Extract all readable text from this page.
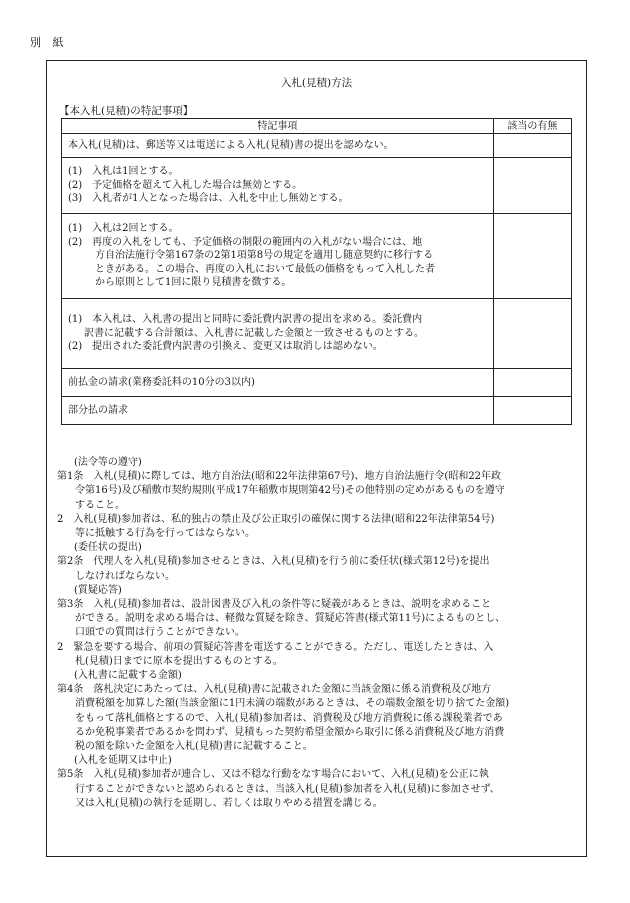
別 紙
入札(見積)方法
【本入札(見積)の特記事項】
特記事項	該当の有無

本入札(見積)は、郵送等又は電送による入札(見積)書の提出を認めない。	

(1)　入札は1回とする。
(2)　予定価格を超えて入札した場合は無効とする。
(3)　入札者が1人となった場合は、入札を中止し無効とする。	

(1)　入札は2回とする。
(2)　再度の入札をしても、予定価格の制限の範囲内の入札がない場合には、地
方自治法施行令第167条の2第1項第8号の規定を適用し随意契約に移行する
ときがある。この場合、再度の入札において最低の価格をもって入札した者
から原則として1回に限り見積書を徴する。	

(1)　本入札は、入札書の提出と同時に委託費内訳書の提出を求める。委託費内
訳書に記載する合計額は、入札書に記載した金額と一致させるものとする。
(2)　提出された委託費内訳書の引換え、変更又は取消しは認めない。	

前払金の請求(業務委託料の10分の3以内)	

部分払の請求	

(法令等の遵守)
第1条　入札(見積)に際しては、地方自治法(昭和22年法律第67号)、地方自治法施行令(昭和22年政
令第16号)及び稲敷市契約規則(平成17年稲敷市規則第42号)その他特別の定めがあるものを遵守
すること。
2　入札(見積)参加者は、私的独占の禁止及び公正取引の確保に関する法律(昭和22年法律第54号)
等に抵触する行為を行ってはならない。
(委任状の提出)
第2条　代理人を入札(見積)参加させるときは、入札(見積)を行う前に委任状(様式第12号)を提出
しなければならない。
(質疑応答)
第3条　入札(見積)参加者は、設計図書及び入札の条件等に疑義があるときは、説明を求めること
ができる。説明を求める場合は、軽微な質疑を除き、質疑応答書(様式第11号)によるものとし、
口頭での質問は行うことができない。
2　緊急を要する場合、前項の質疑応答書を電送することができる。ただし、電送したときは、入
札(見積)日までに原本を提出するものとする。
(入札書に記載する金額)
第4条　落札決定にあたっては、入札(見積)書に記載された金額に当該金額に係る消費税及び地方
消費税額を加算した額(当該金額に1円未満の端数があるときは、その端数金額を切り捨てた金額)
をもって落札価格とするので、入札(見積)参加者は、消費税及び地方消費税に係る課税業者であ
るか免税事業者であるかを問わず、見積もった契約希望金額から取引に係る消費税及び地方消費
税の額を除いた金額を入札(見積)書に記載すること。
(入札を延期又は中止)
第5条　入札(見積)参加者が連合し、又は不穏な行動をなす場合において、入札(見積)を公正に執
行することができないと認められるときは、当該入札(見積)参加者を入札(見積)に参加させず、
又は入札(見積)の執行を延期し、若しくは取りやめる措置を講じる。
